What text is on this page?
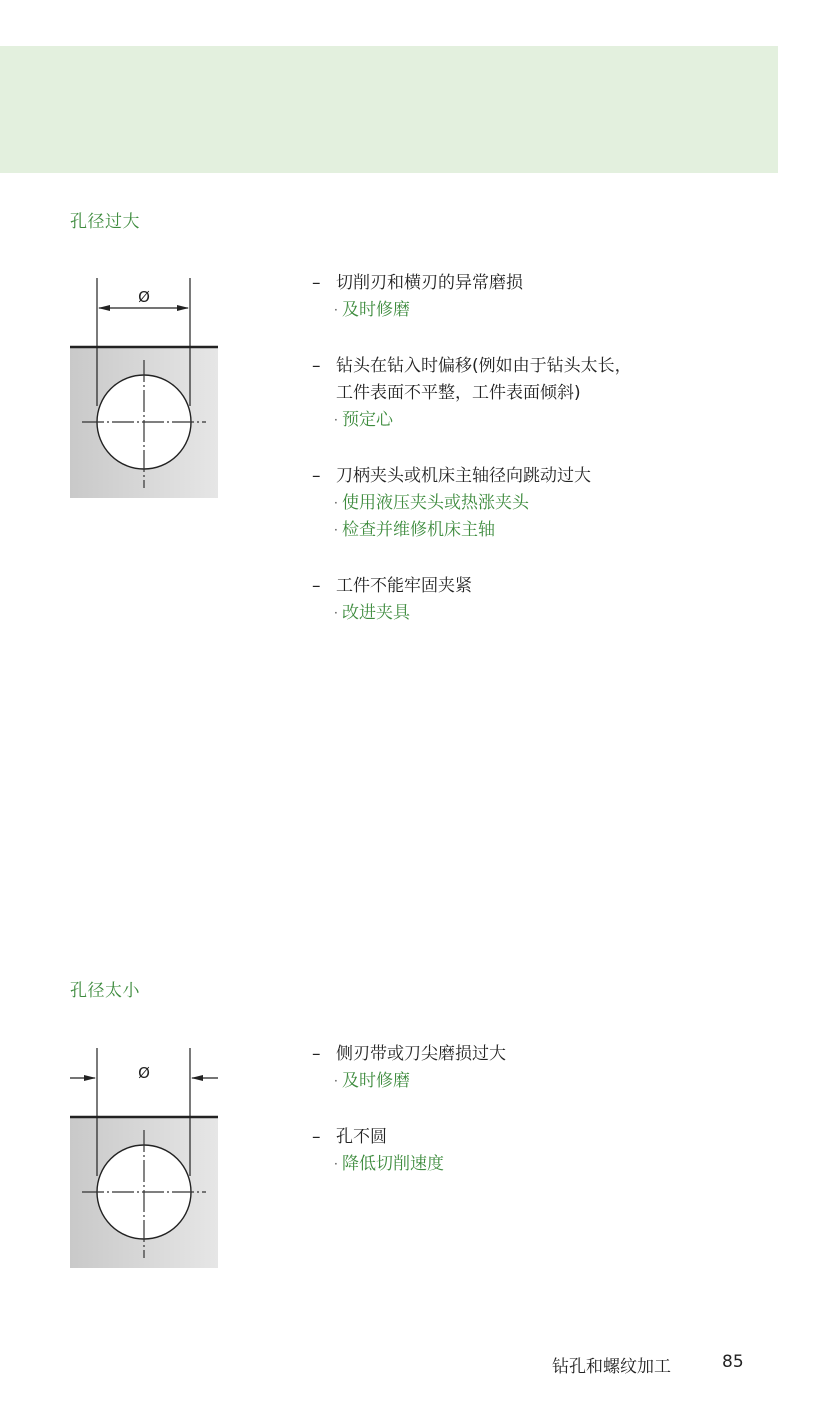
孔径过大
Ø
– 切削刃和横刃的异常磨损
· 及时修磨
– 钻头在钻入时偏移(例如由于钻头太长，
工件表面不平整，工件表面倾斜)
· 预定心
– 刀柄夹头或机床主轴径向跳动过大
· 使用液压夹头或热涨夹头
· 检查并维修机床主轴
– 工件不能牢固夹紧
· 改进夹具
孔径太小
Ø
– 侧刃带或刀尖磨损过大
· 及时修磨
– 孔不圆
· 降低切削速度
钻孔和螺纹加工	85
